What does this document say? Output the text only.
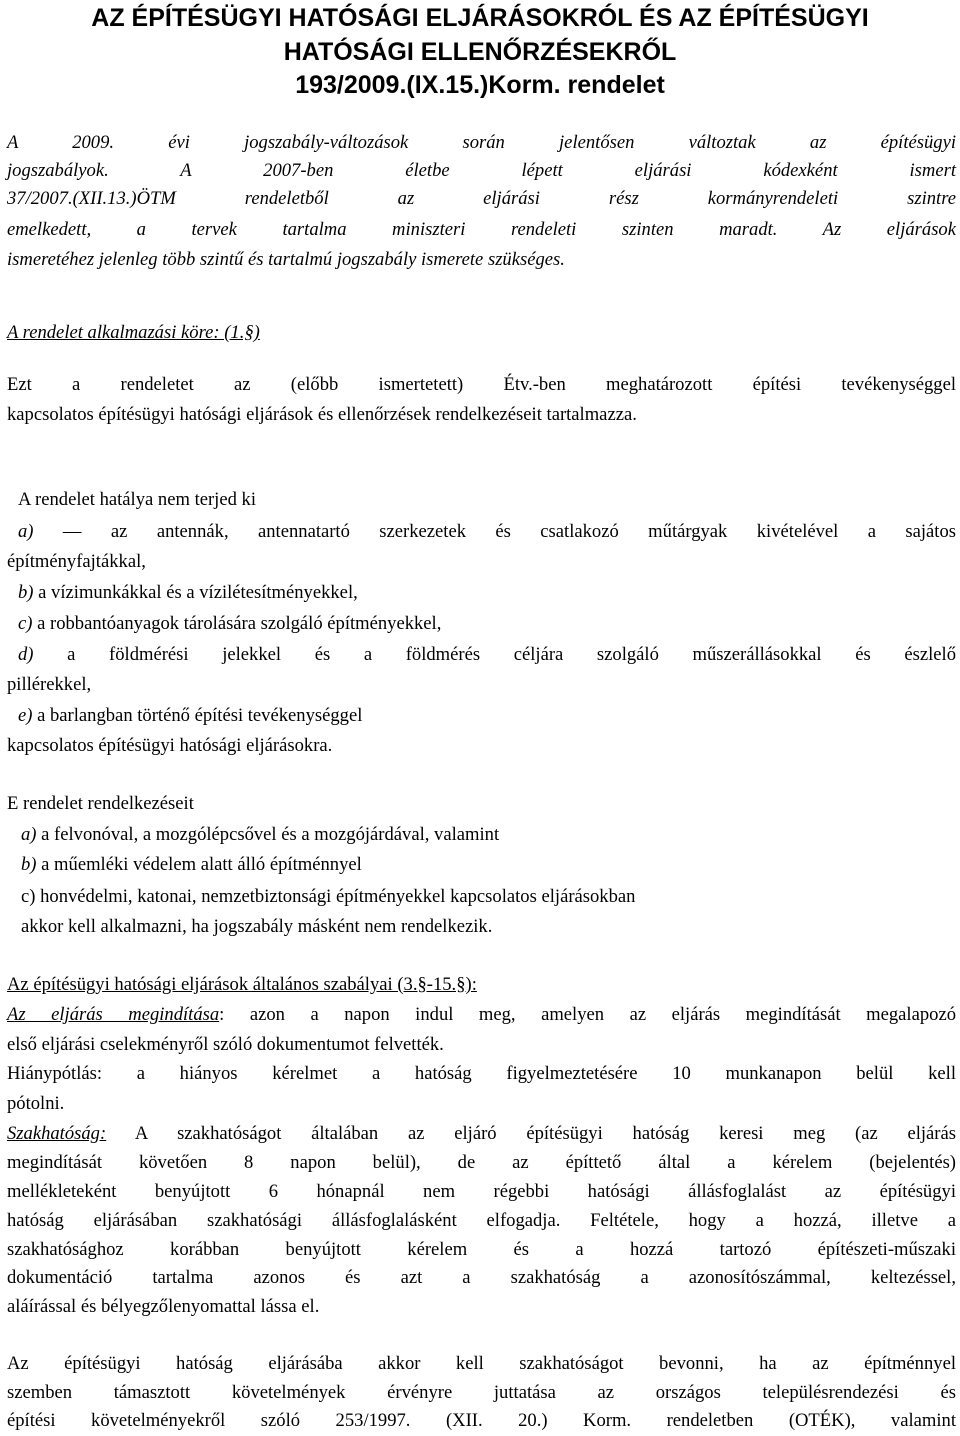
AZ ÉPÍTÉSÜGYI HATÓSÁGI ELJÁRÁSOKRÓL ÉS AZ ÉPÍTÉSÜGYI

HATÓSÁGI ELLENŐRZÉSEKRŐL

193/2009.(IX.15.)Korm. rendelet

A 2009. évi jogszabály-változások során jelentősen változtak az építésügyi

jogszabályok. A 2007-ben életbe lépett eljárási kódexként ismert

37/2007.(XII.13.)ÖTM rendeletből az eljárási rész kormányrendeleti szintre

emelkedett, a tervek tartalma miniszteri rendeleti szinten maradt. Az eljárások

ismeretéhez jelenleg több szintű és tartalmú jogszabály ismerete szükséges.

A rendelet alkalmazási köre: (1.§)

Ezt a rendeletet az (előbb ismertetett) Étv.-ben meghatározott építési tevékenységgel

kapcsolatos építésügyi hatósági eljárások és ellenőrzések rendelkezéseit tartalmazza.

A rendelet hatálya nem terjed ki

a) — az antennák, antennatartó szerkezetek és csatlakozó műtárgyak kivételével a sajátos

építményfajtákkal,

b) a vízimunkákkal és a vízilétesítményekkel,

c) a robbantóanyagok tárolására szolgáló építményekkel,

d) a földmérési jelekkel és a földmérés céljára szolgáló műszerállásokkal és észlelő

pillérekkel,

e) a barlangban történő építési tevékenységgel

kapcsolatos építésügyi hatósági eljárásokra.

E rendelet rendelkezéseit

a) a felvonóval, a mozgólépcsővel és a mozgójárdával, valamint

b) a műemléki védelem alatt álló építménnyel

c) honvédelmi, katonai, nemzetbiztonsági építményekkel kapcsolatos eljárásokban

akkor kell alkalmazni, ha jogszabály másként nem rendelkezik.

Az építésügyi hatósági eljárások általános szabályai (3.§-15.§):

Az eljárás megindítása: azon a napon indul meg, amelyen az eljárás megindítását megalapozó

első eljárási cselekményről szóló dokumentumot felvették.

Hiánypótlás: a hiányos kérelmet a hatóság figyelmeztetésére 10 munkanapon belül kell

pótolni.

Szakhatóság: A szakhatóságot általában az eljáró építésügyi hatóság keresi meg (az eljárás

megindítását követően 8 napon belül), de az építtető által a kérelem (bejelentés)

mellékleteként benyújtott 6 hónapnál nem régebbi hatósági állásfoglalást az építésügyi

hatóság eljárásában szakhatósági állásfoglalásként elfogadja. Feltétele, hogy a hozzá, illetve a

szakhatósághoz korábban benyújtott kérelem és a hozzá tartozó építészeti-műszaki

dokumentáció tartalma azonos és azt a szakhatóság a azonosítószámmal, keltezéssel,

aláírással és bélyegzőlenyomattal lássa el.

Az építésügyi hatóság eljárásába akkor kell szakhatóságot bevonni, ha az építménnyel

szemben támasztott követelmények érvényre juttatása az országos településrendezési és

építési követelményekről szóló 253/1997. (XII. 20.) Korm. rendeletben (OTÉK), valamint
